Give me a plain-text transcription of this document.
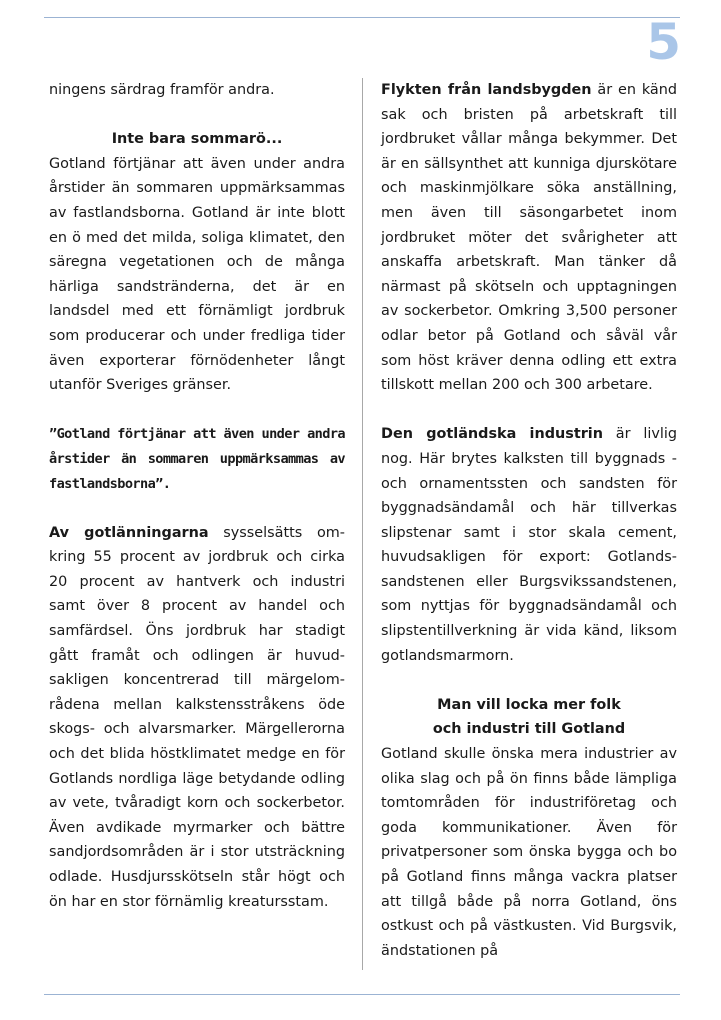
5

ningens särdrag framför andra.

Inte bara sommarö...

Gotland förtjänar att även under andra årstider än sommaren uppmärksammas av fastlandsborna. Gotland är inte blott en ö med det milda, soliga klimatet, den säregna vegetationen och de många härliga sandstränderna, det är en landsdel med ett förnämligt jordbruk som producerar och under fredliga tider även exporterar förnödenheter långt utanför Sveriges gränser.

”Gotland förtjänar att även under andra årstider än sommaren uppmärksammas av fastlandsborna”.

Av gotlänningarna sysselsätts omkring 55 procent av jordbruk och cirka 20 procent av hantverk och industri samt över 8 procent av handel och samfärdsel. Öns jordbruk har stadigt gått framåt och odlingen är huvudsakligen koncentrerad till märgelområdena mellan kalkstensstråkens öde skogs- och alvarsmarker. Märgellerorna och det blida höstklimatet medge en för Gotlands nordliga läge betydande odling av vete, tvåradigt korn och sockerbetor. Även avdikade myrmarker och bättre sandjordsområden är i stor utsträckning odlade. Husdjursskötseln står högt och ön har en stor förnämlig kreatursstam.

Flykten från landsbygden är en känd sak och bristen på arbetskraft till jordbruket vållar många bekymmer. Det är en sällsynthet att kunniga djurskötare och maskinmjölkare söka anställning, men även till säsongarbetet inom jordbruket möter det svårigheter att anskaffa arbetskraft. Man tänker då närmast på skötseln och upptagningen av sockerbetor. Omkring 3,500 personer odlar betor på Gotland och såväl vår som höst kräver denna odling ett extra tillskott mellan 200 och 300 arbetare.

Den gotländska industrin är livlig nog. Här brytes kalksten till byggnads - och ornamentssten och sandsten för byggnadsändamål och här tillverkas slipstenar samt i stor skala cement, huvudsakligen för export: Gotlandssandstenen eller Burgsvikssandstenen, som nyttjas för byggnadsändamål och slipstentillverkning är vida känd, liksom gotlandsmarmorn.

Man vill locka mer folk

och industri till Gotland

Gotland skulle önska mera industrier av olika slag och på ön finns både lämpliga tomtområden för industriföretag och goda kommunikationer. Även för privatpersoner som önska bygga och bo på Gotland finns många vackra platser att tillgå både på norra Gotland, öns ostkust och på västkusten. Vid Burgsvik, ändstationen på
